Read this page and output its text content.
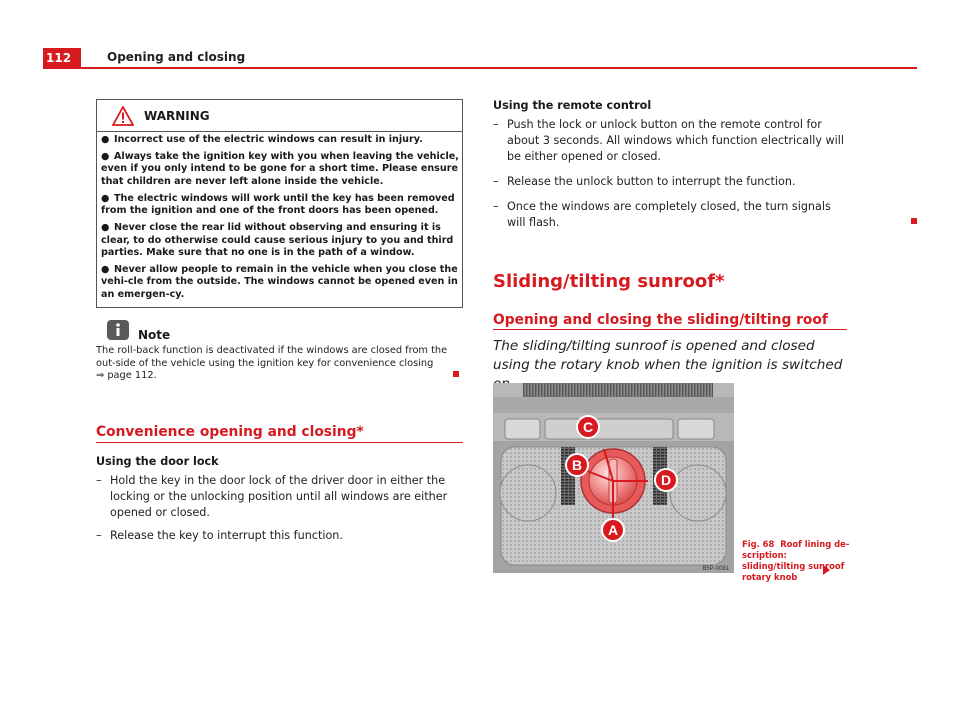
112	Opening and closing
WARNING

● Incorrect use of the electric windows can result in injury.

● Always take the ignition key with you when leaving the vehicle, even if you only intend to be gone for a short time. Please ensure that children are never left alone inside the vehicle.

● The electric windows will work until the key has been removed from the ignition and one of the front doors has been opened.

● Never close the rear lid without observing and ensuring it is clear, to do otherwise could cause serious injury to you and third parties. Make sure that no one is in the path of a window.

● Never allow people to remain in the vehicle when you close the vehi-cle from the outside. The windows cannot be opened even in an emergen-cy.

Note
The roll-back function is deactivated if the windows are closed from the out-side of the vehicle using the ignition key for convenience closing
⇒ page 112.
Convenience opening and closing*
Using the door lock
– Hold the key in the door lock of the driver door in either the locking or the unlocking position until all windows are either opened or closed.
– Release the key to interrupt this function.
Using the remote control
– Push the lock or unlock button on the remote control for about 3 seconds. All windows which function electrically will be either opened or closed.
– Release the unlock button to interrupt the function.
– Once the windows are completely closed, the turn signals will flash.
Sliding/tilting sunroof*
Opening and closing the sliding/tilting roof
The sliding/tilting sunroof is opened and closed using the rotary knob when the ignition is switched
C
B
D
A
B5P-0081
Fig. 68 Roof lining de-scription: sliding/tilting sunroof rotary knob
